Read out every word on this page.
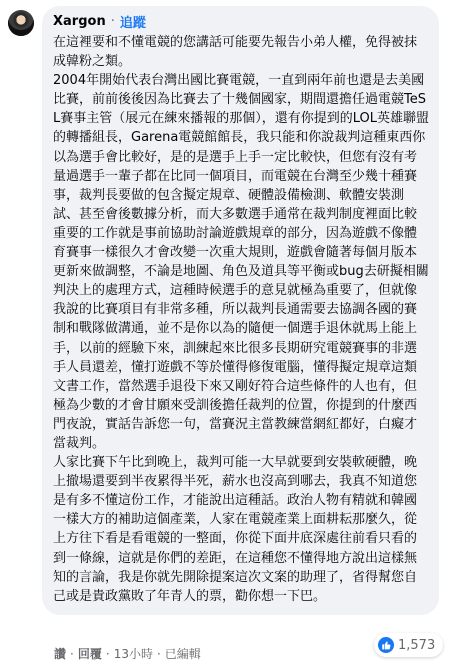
Xargon · 追蹤

在這裡要和不懂電競的您講話可能要先報告小弟人權，免得被抹成韓粉之類。

2004年開始代表台灣出國比賽電競，一直到兩年前也還是去美國比賽，前前後後因為比賽去了十幾個國家，期間還擔任過電競TeSL賽事主管（展元在練來播報的那個），還有你提到的LOL英雄聯盟的轉播組長，Garena電競館館長，我只能和你說裁判這種東西你以為選手會比較好，是的是選手上手一定比較快，但您有沒有考量過選手一輩子都在比同一個項目，而電競在台灣至少幾十種賽事，裁判長要做的包含擬定規章、硬體設備檢測、軟體安裝測試、甚至會後數據分析，而大多數選手通常在裁判制度裡面比較重要的工作就是事前協助討論遊戲規章的部分，因為遊戲不像體育賽事一樣很久才會改變一次重大規則，遊戲會隨著每個月版本更新來做調整，不論是地圖、角色及道具等平衡或bug去研擬相關判決上的處理方式，這種時候選手的意見就極為重要了，但就像我說的比賽項目有非常多種，所以裁判長通需要去協調各國的賽制和戰隊做溝通，並不是你以為的隨便一個選手退休就馬上能上手，以前的經驗下來，訓練起來比很多長期研究電競賽事的非選手人員還差，懂打遊戲不等於懂得修復電腦，懂得擬定規章這類文書工作，當然選手退役下來又剛好符合這些條件的人也有，但極為少數的才會甘願來受訓後擔任裁判的位置，你提到的什麼西門夜說，實話告訴您一句，當賽況主當教練當網紅都好，白癡才當裁判。

人家比賽下午比到晚上，裁判可能一大早就要到安裝軟硬體，晚上撤場還要到半夜累得半死，薪水也沒高到哪去，我真不知道您是有多不懂這份工作，才能說出這種話。政治人物有精就和韓國一樣大方的補助這個產業，人家在電競產業上面耕耘那麼久，從上方往下看是看電競的一整面，你從下面井底深處往前看只看的到一條線，這就是你們的差距，在這種您不懂得地方說出這樣無知的言論，我是你就先開除提案這次文案的助理了，省得幫您自己或是貴政黨敗了年青人的票，勸你想一下巴。

1,573
讚 · 回覆 · 13小時 · 已編輯
